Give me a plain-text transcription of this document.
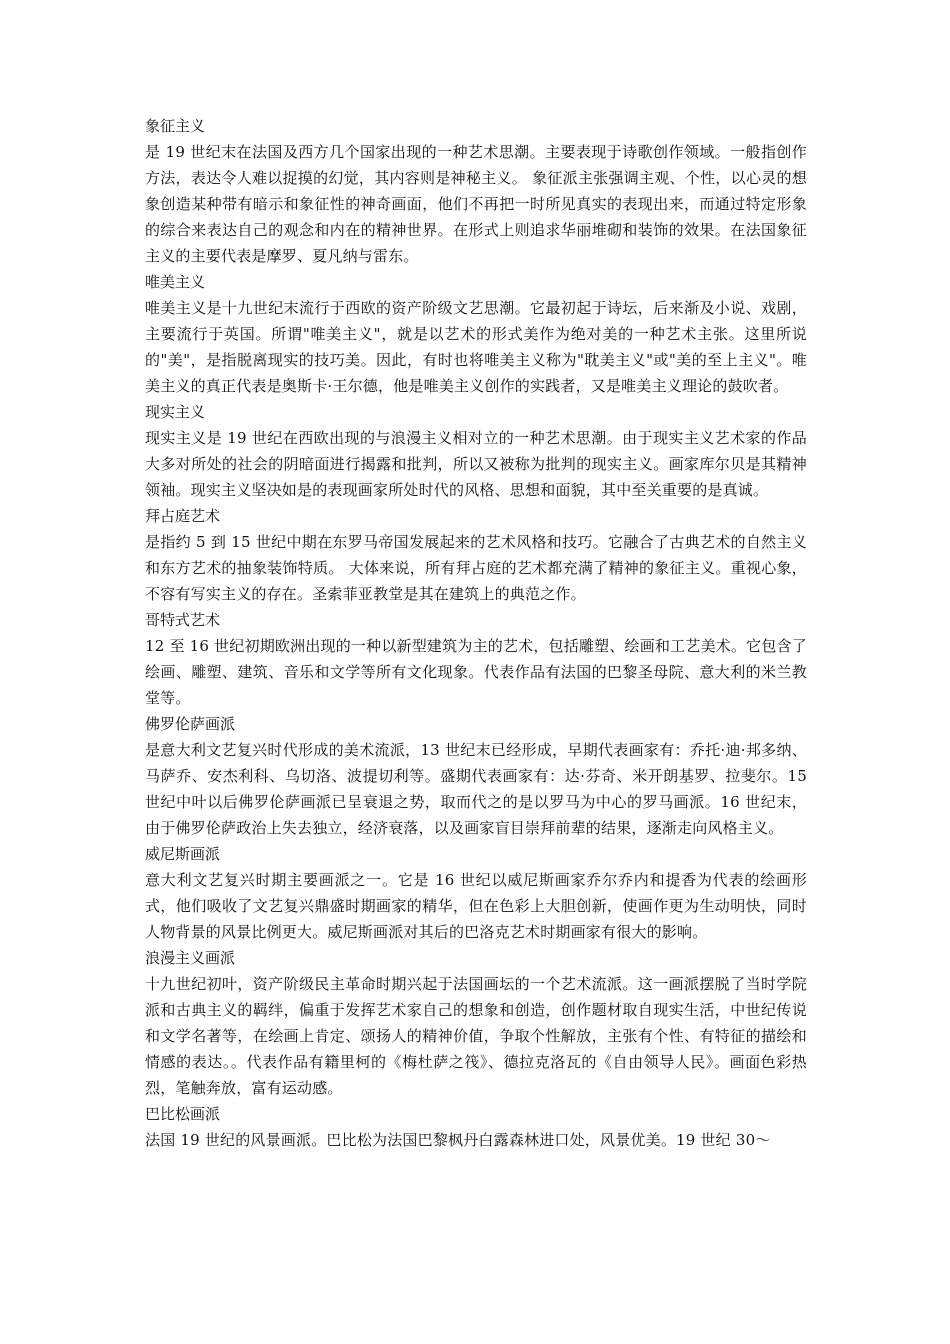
象征主义

是 19 世纪末在法国及西方几个国家出现的一种艺术思潮。主要表现于诗歌创作领域。一般指创作方法，表达令人难以捉摸的幻觉，其内容则是神秘主义。 象征派主张强调主观、个性，以心灵的想象创造某种带有暗示和象征性的神奇画面，他们不再把一时所见真实的表现出来，而通过特定形象的综合来表达自己的观念和内在的精神世界。在形式上则追求华丽堆砌和装饰的效果。在法国象征主义的主要代表是摩罗、夏凡纳与雷东。

唯美主义

唯美主义是十九世纪末流行于西欧的资产阶级文艺思潮。它最初起于诗坛，后来渐及小说、戏剧，主要流行于英国。所谓"唯美主义"，就是以艺术的形式美作为绝对美的一种艺术主张。这里所说的"美"，是指脱离现实的技巧美。因此，有时也将唯美主义称为"耽美主义"或"美的至上主义"。唯美主义的真正代表是奥斯卡·王尔德，他是唯美主义创作的实践者，又是唯美主义理论的鼓吹者。

现实主义

现实主义是 19 世纪在西欧出现的与浪漫主义相对立的一种艺术思潮。由于现实主义艺术家的作品大多对所处的社会的阴暗面进行揭露和批判，所以又被称为批判的现实主义。画家库尔贝是其精神领袖。现实主义坚决如是的表现画家所处时代的风格、思想和面貌，其中至关重要的是真诚。

拜占庭艺术

是指约 5 到 15 世纪中期在东罗马帝国发展起来的艺术风格和技巧。它融合了古典艺术的自然主义和东方艺术的抽象装饰特质。 大体来说，所有拜占庭的艺术都充满了精神的象征主义。重视心象，不容有写实主义的存在。圣索菲亚教堂是其在建筑上的典范之作。

哥特式艺术

12 至 16 世纪初期欧洲出现的一种以新型建筑为主的艺术，包括雕塑、绘画和工艺美术。它包含了绘画、雕塑、建筑、音乐和文学等所有文化现象。代表作品有法国的巴黎圣母院、意大利的米兰教堂等。

佛罗伦萨画派

是意大利文艺复兴时代形成的美术流派，13 世纪末已经形成，早期代表画家有：乔托·迪·邦多纳、马萨乔、安杰利科、乌切洛、波提切利等。盛期代表画家有：达·芬奇、米开朗基罗、拉斐尔。15 世纪中叶以后佛罗伦萨画派已呈衰退之势，取而代之的是以罗马为中心的罗马画派。16 世纪末，由于佛罗伦萨政治上失去独立，经济衰落，以及画家盲目崇拜前辈的结果，逐渐走向风格主义。

威尼斯画派

意大利文艺复兴时期主要画派之一。它是 16 世纪以威尼斯画家乔尔乔内和提香为代表的绘画形式，他们吸收了文艺复兴鼎盛时期画家的精华，但在色彩上大胆创新，使画作更为生动明快，同时人物背景的风景比例更大。威尼斯画派对其后的巴洛克艺术时期画家有很大的影响。

浪漫主义画派

十九世纪初叶，资产阶级民主革命时期兴起于法国画坛的一个艺术流派。这一画派摆脱了当时学院派和古典主义的羁绊，偏重于发挥艺术家自己的想象和创造，创作题材取自现实生活，中世纪传说和文学名著等，在绘画上肯定、颂扬人的精神价值，争取个性解放，主张有个性、有特征的描绘和情感的表达。。代表作品有籍里柯的《梅杜萨之筏》、德拉克洛瓦的《自由领导人民》。画面色彩热烈，笔触奔放，富有运动感。

巴比松画派

法国 19 世纪的风景画派。巴比松为法国巴黎枫丹白露森林进口处，风景优美。19 世纪 30～
